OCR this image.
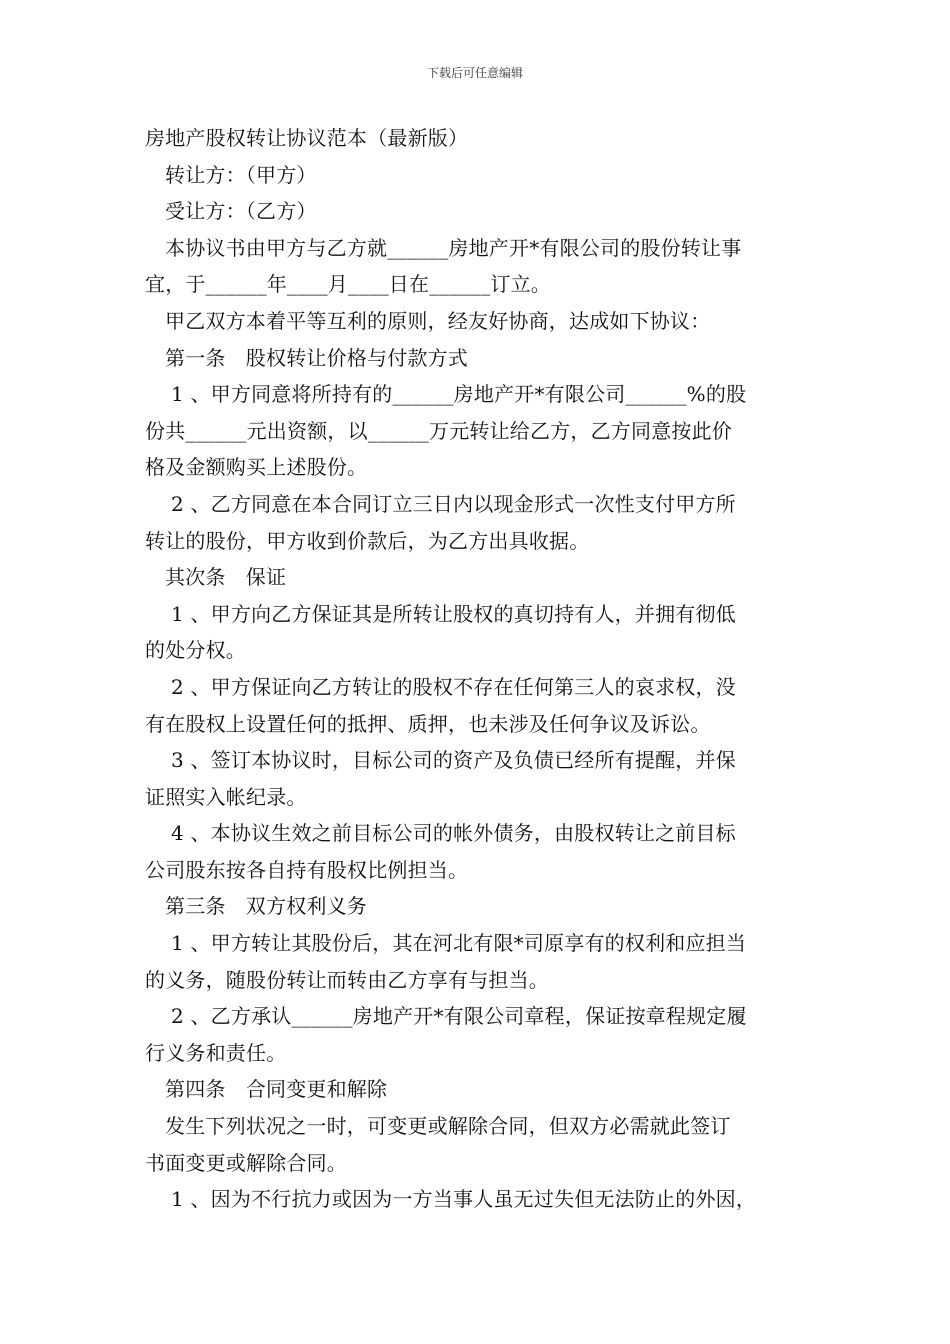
下载后可任意编辑
房地产股权转让协议范本（最新版）
转让方：（甲方）
受让方：（乙方）
本协议书由甲方与乙方就______房地产开*有限公司的股份转让事
宜，于______年____月____日在______订立。
甲乙双方本着平等互利的原则，经友好协商，达成如下协议：
第一条　股权转让价格与付款方式
1 、甲方同意将所持有的______房地产开*有限公司______%的股
份共______元出资额，以______万元转让给乙方，乙方同意按此价
格及金额购买上述股份。
2 、乙方同意在本合同订立三日内以现金形式一次性支付甲方所
转让的股份，甲方收到价款后，为乙方出具收据。
其次条　保证
1 、甲方向乙方保证其是所转让股权的真切持有人，并拥有彻低
的处分权。
2 、甲方保证向乙方转让的股权不存在任何第三人的哀求权，没
有在股权上设置任何的抵押、质押，也未涉及任何争议及诉讼。
3 、签订本协议时，目标公司的资产及负债已经所有提醒，并保
证照实入帐纪录。
4 、本协议生效之前目标公司的帐外债务，由股权转让之前目标
公司股东按各自持有股权比例担当。
第三条　双方权利义务
1 、甲方转让其股份后，其在河北有限*司原享有的权利和应担当
的义务，随股份转让而转由乙方享有与担当。
2 、乙方承认______房地产开*有限公司章程，保证按章程规定履
行义务和责任。
第四条　合同变更和解除
发生下列状况之一时，可变更或解除合同，但双方必需就此签订
书面变更或解除合同。
1 、因为不行抗力或因为一方当事人虽无过失但无法防止的外因，
